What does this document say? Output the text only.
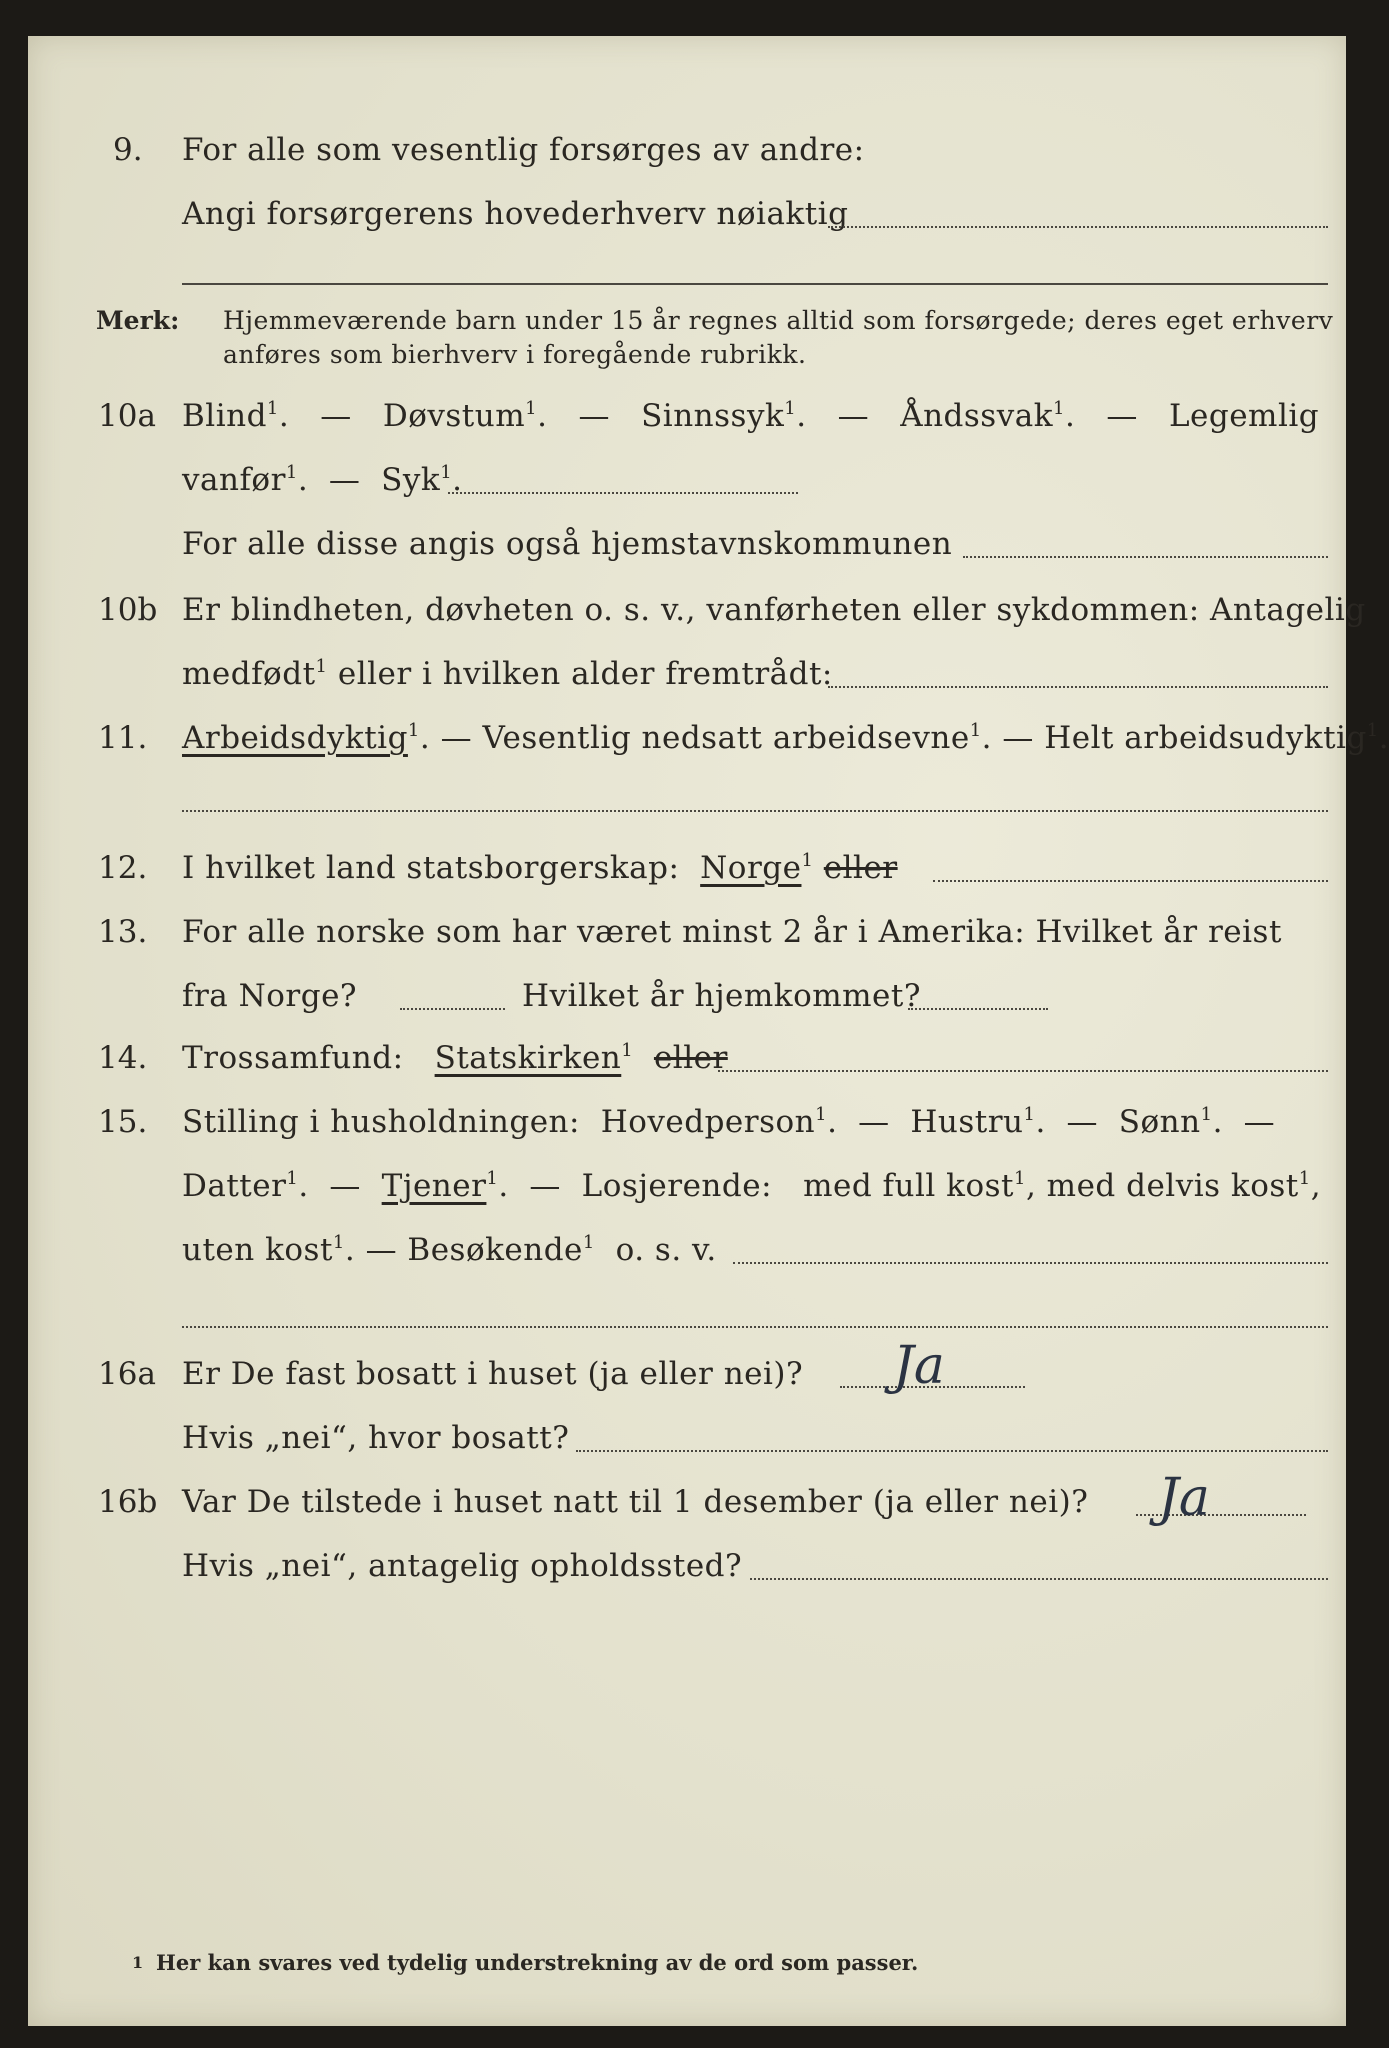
9. For alle som vesentlig forsørges av andre:
Angi forsørgerens hovederhverv nøiaktig
Merk: Hjemmeværende barn under 15 år regnes alltid som forsørgede; deres eget erhverv
anføres som bierhverv i foregående rubrikk.
10a Blind$^1$.   —   Døvstum$^1$.   —   Sinnssyk$^1$.   —   Åndssvak$^1$.   —   Legemlig
vanfør$^1$.  —  Syk$^1$.
For alle disse angis også hjemstavnskommunen
10b Er blindheten, døvheten o. s. v., vanførheten eller sykdommen: Antagelig
medfødt$^1$ eller i hvilken alder fremtrådt:
11. Arbeidsdyktig$^1$. — Vesentlig nedsatt arbeidsevne$^1$. — Helt arbeidsudyktig$^1$.
12. I hvilket land statsborgerskap: Norge$^1$ eller
13. For alle norske som har været minst 2 år i Amerika: Hvilket år reist
fra Norge?	Hvilket år hjemkommet?
14. Trossamfund: Statskirken$^1$ eller
15. Stilling i husholdningen: Hovedperson$^1$.  —  Hustru$^1$.  —  Sønn$^1$.  —
Datter$^1$.  —  Tjener$^1$.  —  Losjerende: med full kost$^1$, med delvis kost$^1$,
uten kost$^1$. — Besøkende$^1$ o. s. v.
16a Er De fast bosatt i huset (ja eller nei)? Ja
Hvis „nei“, hvor bosatt?
16b Var De tilstede i huset natt til 1 desember (ja eller nei)? Ja
Hvis „nei“, antagelig opholdssted?
1 Her kan svares ved tydelig understrekning av de ord som passer.
